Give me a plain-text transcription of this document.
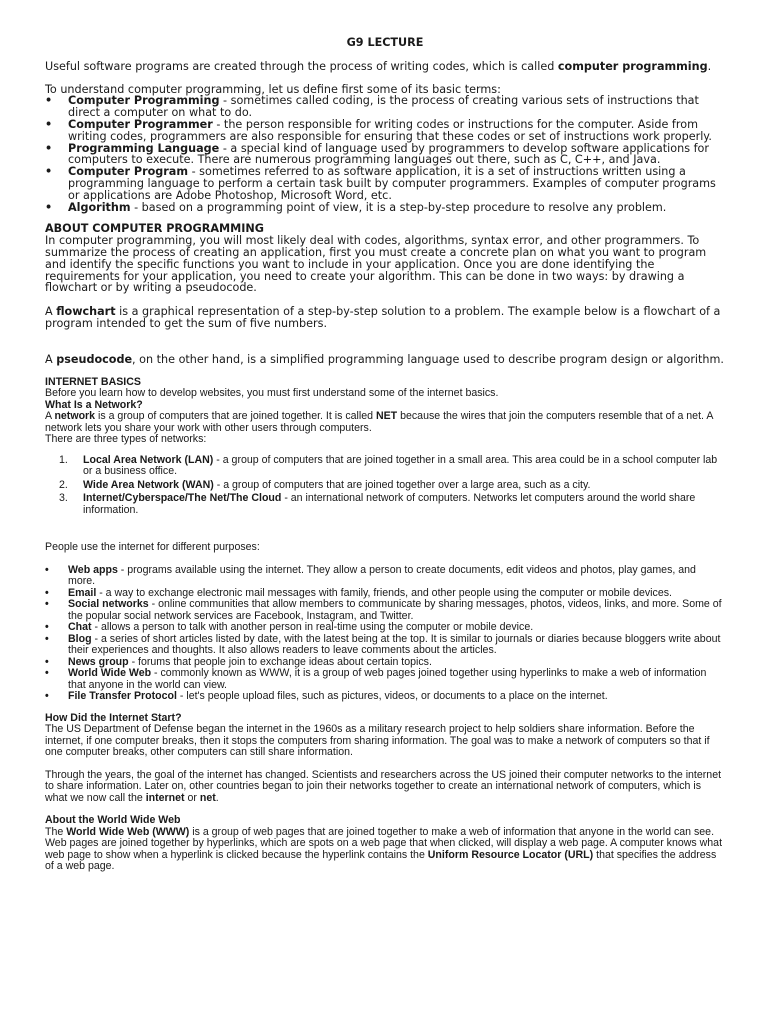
G9 LECTURE

Useful software programs are created through the process of writing codes, which is called computer programming.

To understand computer programming, let us define first some of its basic terms:

• Computer Programming - sometimes called coding, is the process of creating various sets of instructions that direct a computer on what to do.
• Computer Programmer - the person responsible for writing codes or instructions for the computer. Aside from writing codes, programmers are also responsible for ensuring that these codes or set of instructions work properly.
• Programming Language - a special kind of language used by programmers to develop software applications for computers to execute. There are numerous programming languages out there, such as C, C++, and Java.
• Computer Program - sometimes referred to as software application, it is a set of instructions written using a programming language to perform a certain task built by computer programmers. Examples of computer programs or applications are Adobe Photoshop, Microsoft Word, etc.
• Algorithm - based on a programming point of view, it is a step-by-step procedure to resolve any problem.

ABOUT COMPUTER PROGRAMMING

In computer programming, you will most likely deal with codes, algorithms, syntax error, and other programmers. To summarize the process of creating an application, first you must create a concrete plan on what you want to program and identify the specific functions you want to include in your application. Once you are done identifying the requirements for your application, you need to create your algorithm. This can be done in two ways: by drawing a flowchart or by writing a pseudocode.

A flowchart is a graphical representation of a step-by-step solution to a problem. The example below is a flowchart of a program intended to get the sum of five numbers.

A pseudocode, on the other hand, is a simplified programming language used to describe program design or algorithm.

INTERNET BASICS

Before you learn how to develop websites, you must first understand some of the internet basics.

What Is a Network?

A network is a group of computers that are joined together. It is called NET because the wires that join the computers resemble that of a net. A network lets you share your work with other users through computers.

There are three types of networks:

1. Local Area Network (LAN) - a group of computers that are joined together in a small area. This area could be in a school computer lab or a business office.
2. Wide Area Network (WAN) - a group of computers that are joined together over a large area, such as a city.
3. Internet/Cyberspace/The Net/The Cloud - an international network of computers. Networks let computers around the world share information.

People use the internet for different purposes:

• Web apps - programs available using the internet. They allow a person to create documents, edit videos and photos, play games, and more.
• Email - a way to exchange electronic mail messages with family, friends, and other people using the computer or mobile devices.
• Social networks - online communities that allow members to communicate by sharing messages, photos, videos, links, and more. Some of the popular social network services are Facebook, Instagram, and Twitter.
• Chat - allows a person to talk with another person in real-time using the computer or mobile device.
• Blog - a series of short articles listed by date, with the latest being at the top. It is similar to journals or diaries because bloggers write about their experiences and thoughts. It also allows readers to leave comments about the articles.
• News group - forums that people join to exchange ideas about certain topics.
• World Wide Web - commonly known as WWW, it is a group of web pages joined together using hyperlinks to make a web of information that anyone in the world can view.
• File Transfer Protocol - let's people upload files, such as pictures, videos, or documents to a place on the internet.

How Did the Internet Start?

The US Department of Defense began the internet in the 1960s as a military research project to help soldiers share information. Before the internet, if one computer breaks, then it stops the computers from sharing information. The goal was to make a network of computers so that if one computer breaks, other computers can still share information.

Through the years, the goal of the internet has changed. Scientists and researchers across the US joined their computer networks to the internet to share information. Later on, other countries began to join their networks together to create an international network of computers, which is what we now call the internet or net.

About the World Wide Web

The World Wide Web (WWW) is a group of web pages that are joined together to make a web of information that anyone in the world can see. Web pages are joined together by hyperlinks, which are spots on a web page that when clicked, will display a web page. A computer knows what web page to show when a hyperlink is clicked because the hyperlink contains the Uniform Resource Locator (URL) that specifies the address of a web page.
